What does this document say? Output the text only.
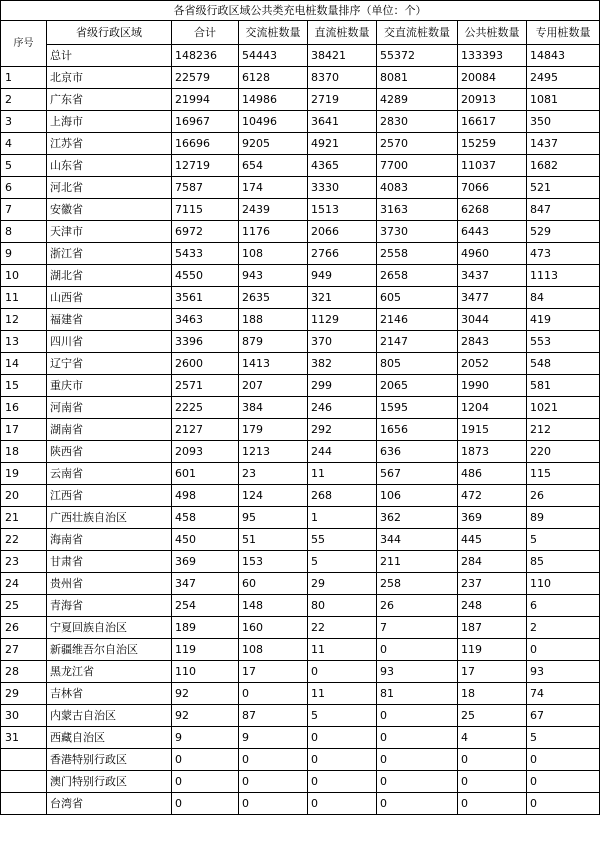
各省级行政区域公共类充电桩数量排序（单位：个）							
序号	省级行政区域	合计	交流桩数量	直流桩数量	交直流桩数量	公共桩数量	专用桩数量
	总计	148236	54443	38421	55372	133393	14843
1	北京市	22579	6128	8370	8081	20084	2495
2	广东省	21994	14986	2719	4289	20913	1081
3	上海市	16967	10496	3641	2830	16617	350
4	江苏省	16696	9205	4921	2570	15259	1437
5	山东省	12719	654	4365	7700	11037	1682
6	河北省	7587	174	3330	4083	7066	521
7	安徽省	7115	2439	1513	3163	6268	847
8	天津市	6972	1176	2066	3730	6443	529
9	浙江省	5433	108	2766	2558	4960	473
10	湖北省	4550	943	949	2658	3437	1113
11	山西省	3561	2635	321	605	3477	84
12	福建省	3463	188	1129	2146	3044	419
13	四川省	3396	879	370	2147	2843	553
14	辽宁省	2600	1413	382	805	2052	548
15	重庆市	2571	207	299	2065	1990	581
16	河南省	2225	384	246	1595	1204	1021
17	湖南省	2127	179	292	1656	1915	212
18	陕西省	2093	1213	244	636	1873	220
19	云南省	601	23	11	567	486	115
20	江西省	498	124	268	106	472	26
21	广西壮族自治区	458	95	1	362	369	89
22	海南省	450	51	55	344	445	5
23	甘肃省	369	153	5	211	284	85
24	贵州省	347	60	29	258	237	110
25	青海省	254	148	80	26	248	6
26	宁夏回族自治区	189	160	22	7	187	2
27	新疆维吾尔自治区	119	108	11	0	119	0
28	黑龙江省	110	17	0	93	17	93
29	吉林省	92	0	11	81	18	74
30	内蒙古自治区	92	87	5	0	25	67
31	西藏自治区	9	9	0	0	4	5
	香港特别行政区	0	0	0	0	0	0
	澳门特别行政区	0	0	0	0	0	0
	台湾省	0	0	0	0	0	0
